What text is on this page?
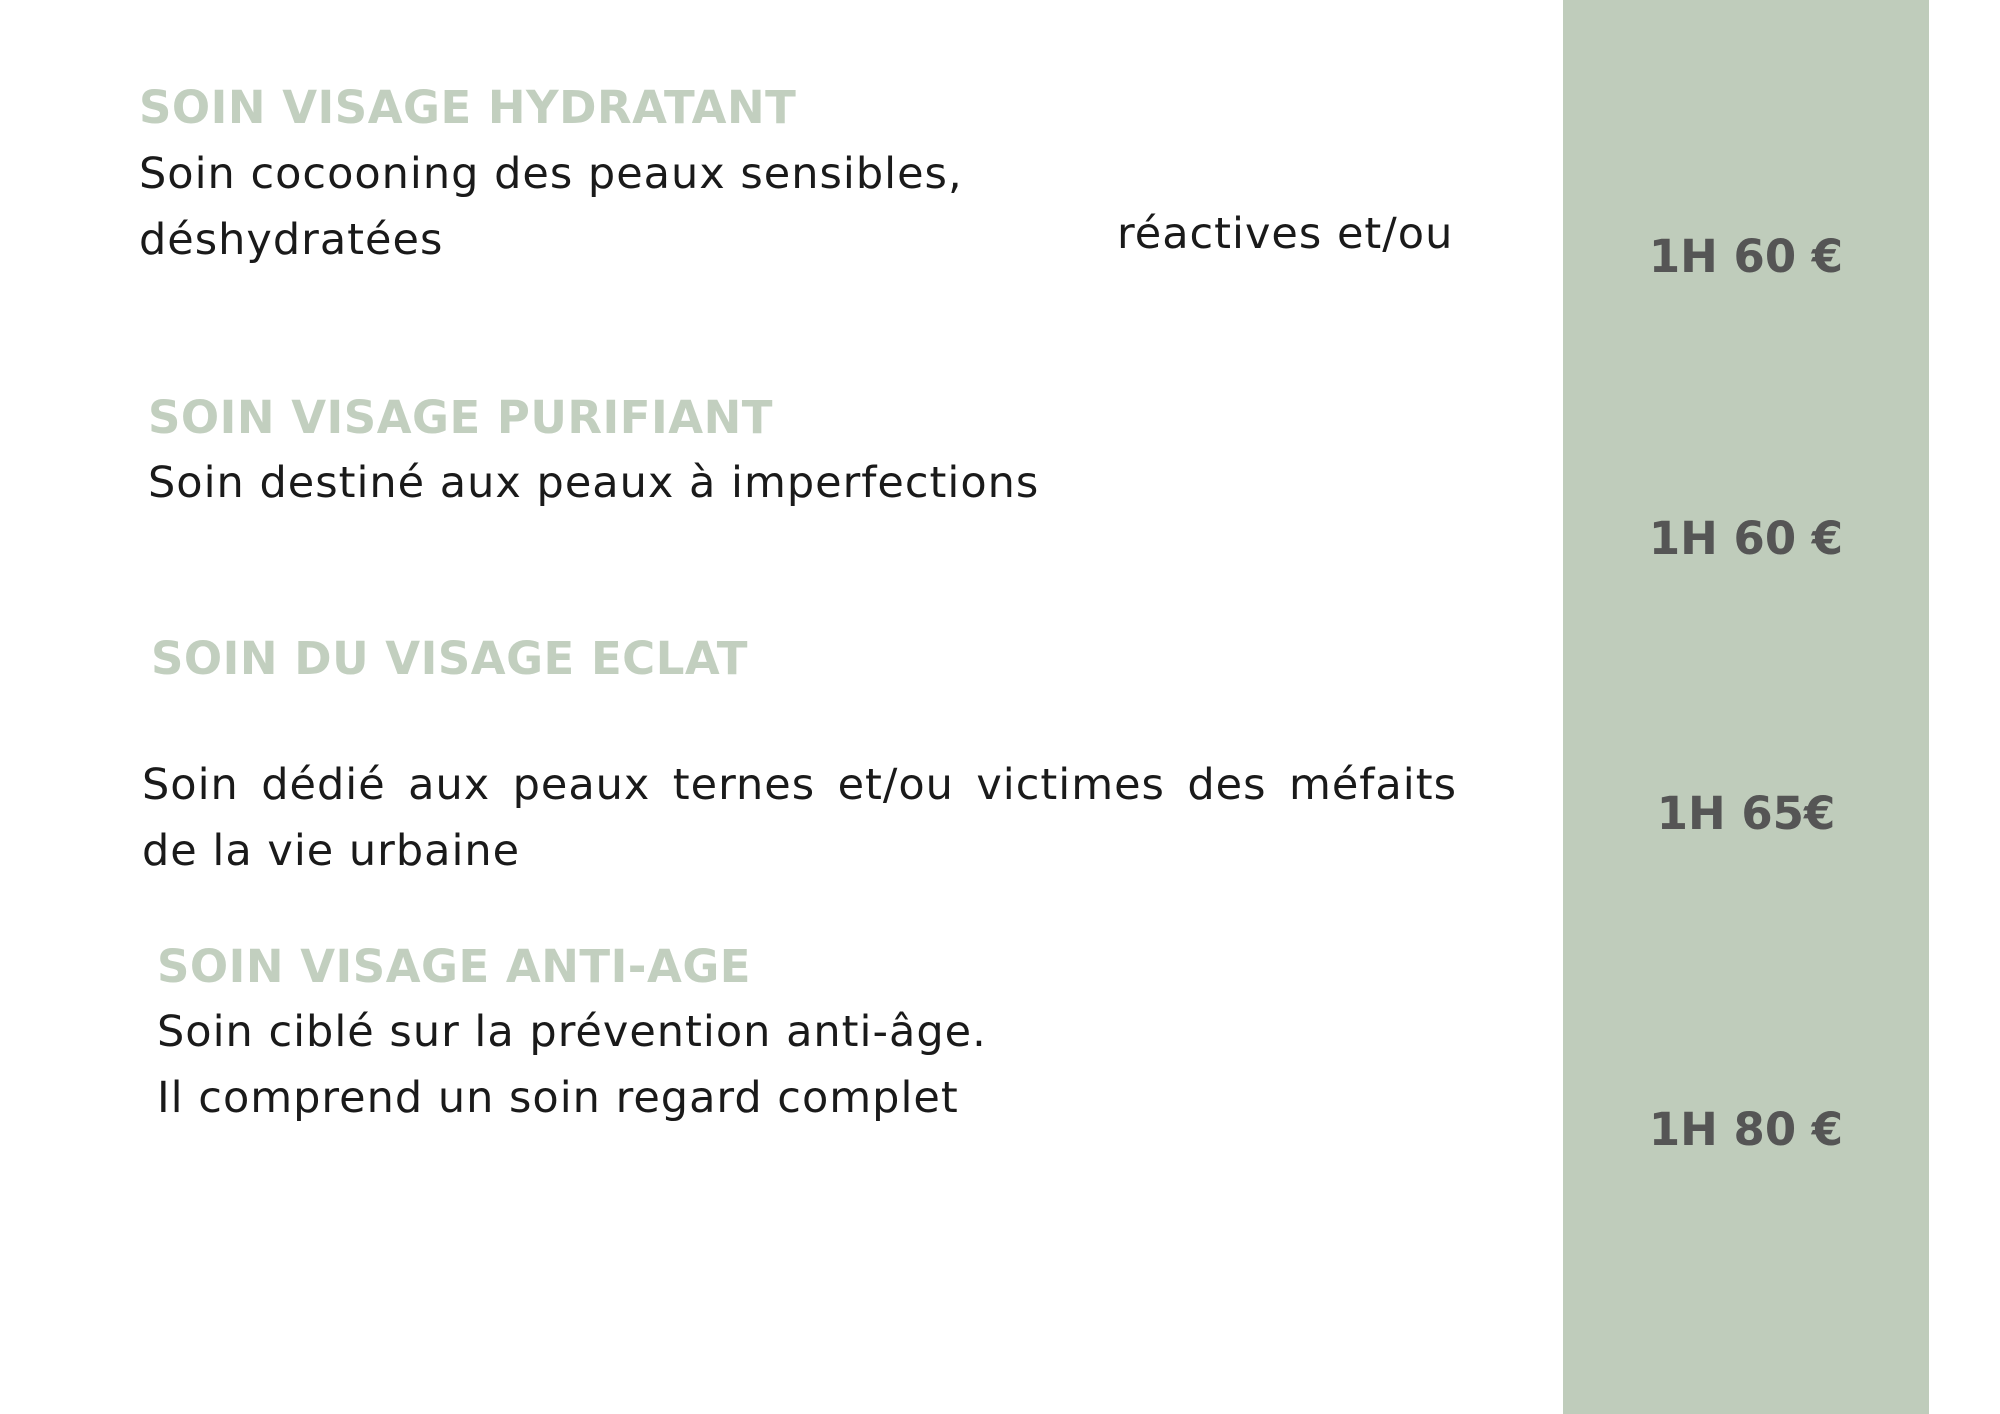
SOIN VISAGE HYDRATANT

Soin cocooning des peaux sensibles,

déshydratées	réactives et/ou	1H 60 €

SOIN VISAGE PURIFIANT

Soin destiné aux peaux à imperfections

1H 60 €

SOIN DU VISAGE ECLAT

Soin dédié aux peaux ternes et/ou victimes des méfaits de la vie urbaine

1H 65€

SOIN VISAGE ANTI-AGE

Soin ciblé sur la prévention anti-âge.

Il comprend un soin regard complet

1H 80 €
